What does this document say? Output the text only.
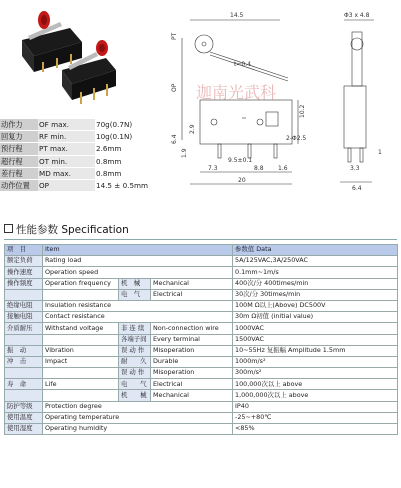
动作力	OF max.	70g(0.7N)
回复力	RF min.	10g(0.1N)
预行程	PT max.	2.6mm
超行程	OT min.	0.8mm
差行程	MD max.	0.8mm
动作位置	OP	14.5 ± 0.5mm
迦南光武科
14.5
t=0.4
PT
OP
2-Φ2.5
10.2
2.9
6.4
1.9
9.5±0.1
7.3	8.8 1.6
20
Φ3 x 4.8
3.3
6.4
1
性能参数 Specification
项　目	Item			参数值 Data
额定负荷	Rating load			5A/125VAC,3A/250VAC
操作速度	Operation speed			0.1mm~1m/s
操作频度	Operation frequency	机　械	Mechanical	400次/分 400times/min
		电　气	Electrical	30次/分 30times/min
绝缘电阻	Insulation resistance			100M Ω以上(Above) DC500V
接触电阻	Contact resistance			30m Ω初值 (initial value)
介质耐压	Withstand voltage	非 连 续	Non-connection wire	1000VAC
		各端子间	Every terminal	1500VAC
振　动	Vibration	误 动 作	Misoperation	10~55Hz 复振幅 Amplitude 1.5mm
冲　击	Impact	耐　　久	Durable	1000m/s²
		误 动 作	Misoperation	300m/s²
寿　命	Life	电　　气	Electrical	100,000次以上 above
		机　　械	Mechanical	1,000,000次以上 above
防护等级	Protection degree			IP40
使用温度	Operating temperature			-25~+80℃
使用湿度	Operating humidity			<85%
